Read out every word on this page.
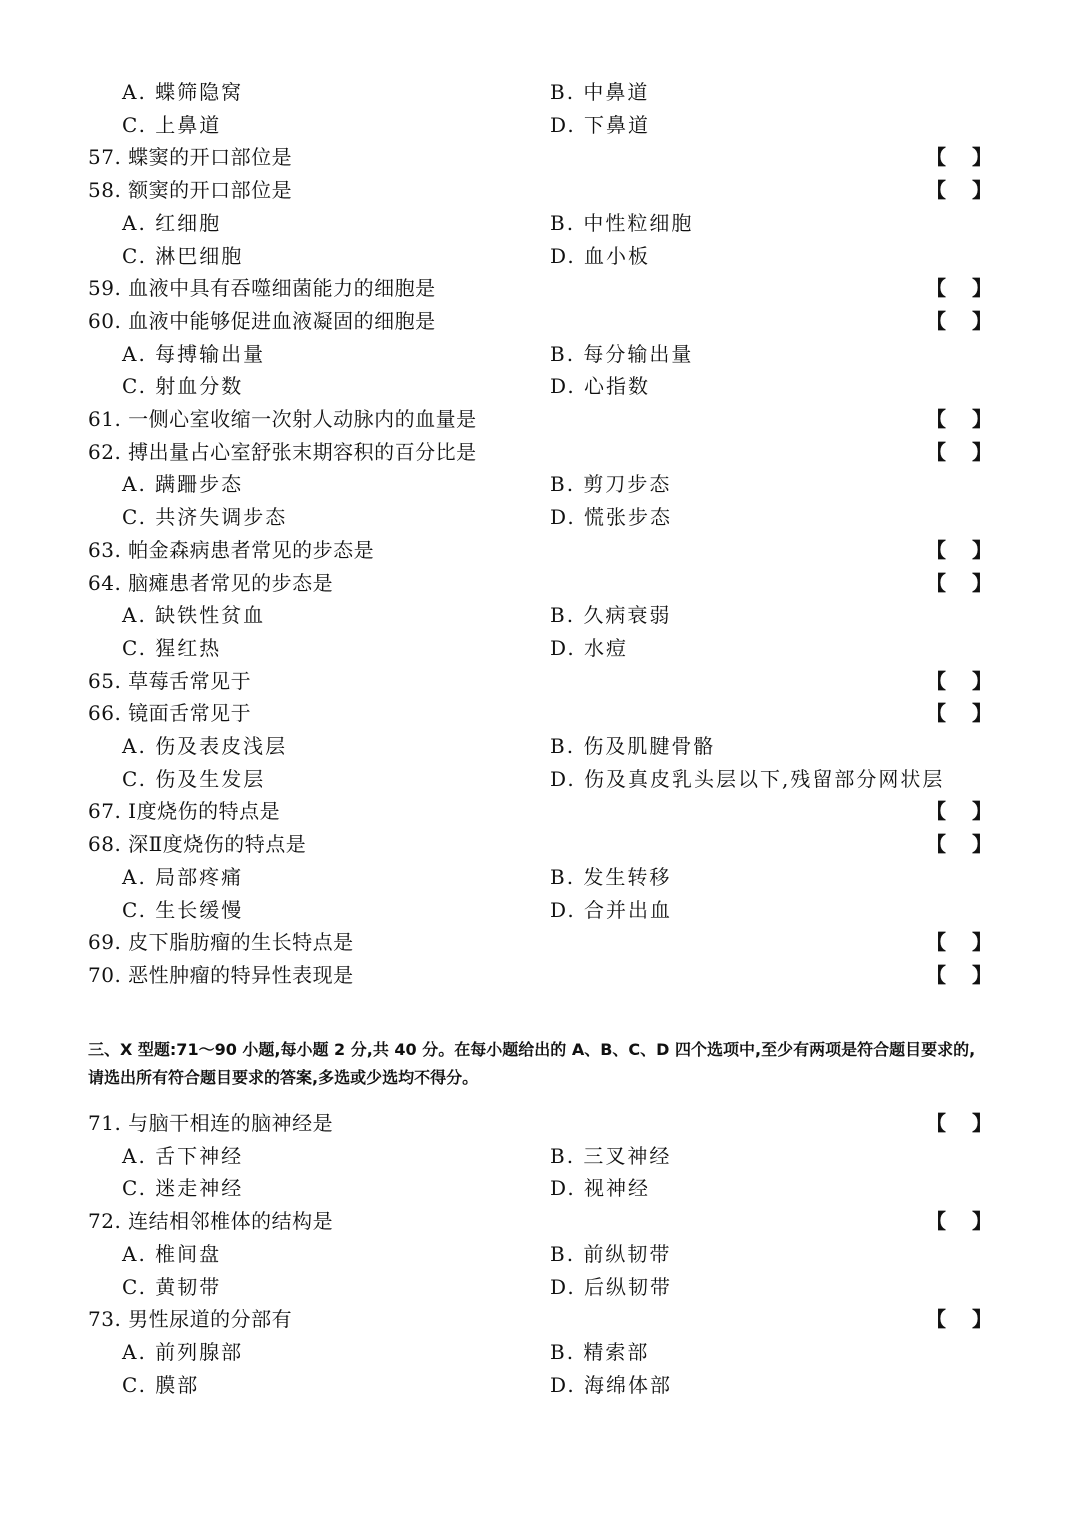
A. 蝶筛隐窝	B. 中鼻道
C. 上鼻道	D. 下鼻道
57. 蝶窦的开口部位是	【 】
58. 额窦的开口部位是	【 】
A. 红细胞	B. 中性粒细胞
C. 淋巴细胞	D. 血小板
59. 血液中具有吞噬细菌能力的细胞是	【 】
60. 血液中能够促进血液凝固的细胞是	【 】
A. 每搏输出量	B. 每分输出量
C. 射血分数	D. 心指数
61. 一侧心室收缩一次射人动脉内的血量是	【 】
62. 搏出量占心室舒张末期容积的百分比是	【 】
A. 蹒跚步态	B. 剪刀步态
C. 共济失调步态	D. 慌张步态
63. 帕金森病患者常见的步态是	【 】
64. 脑瘫患者常见的步态是	【 】
A. 缺铁性贫血	B. 久病衰弱
C. 猩红热	D. 水痘
65. 草莓舌常见于	【 】
66. 镜面舌常见于	【 】
A. 伤及表皮浅层	B. 伤及肌腱骨骼
C. 伤及生发层	D. 伤及真皮乳头层以下,残留部分网状层
67. Ⅰ度烧伤的特点是	【 】
68. 深Ⅱ度烧伤的特点是	【 】
A. 局部疼痛	B. 发生转移
C. 生长缓慢	D. 合并出血
69. 皮下脂肪瘤的生长特点是	【 】
70. 恶性肿瘤的特异性表现是	【 】
71. 与脑干相连的脑神经是	【 】
A. 舌下神经	B. 三叉神经
C. 迷走神经	D. 视神经
72. 连结相邻椎体的结构是	【 】
A. 椎间盘	B. 前纵韧带
C. 黄韧带	D. 后纵韧带
73. 男性尿道的分部有	【 】
A. 前列腺部	B. 精索部
C. 膜部	D. 海绵体部
三、X 型题:71～90 小题,每小题 2 分,共 40 分。在每小题给出的 A、B、C、D 四个选项中,至少有两项是符合题目要求的,请选出所有符合题目要求的答案,多选或少选均不得分。
